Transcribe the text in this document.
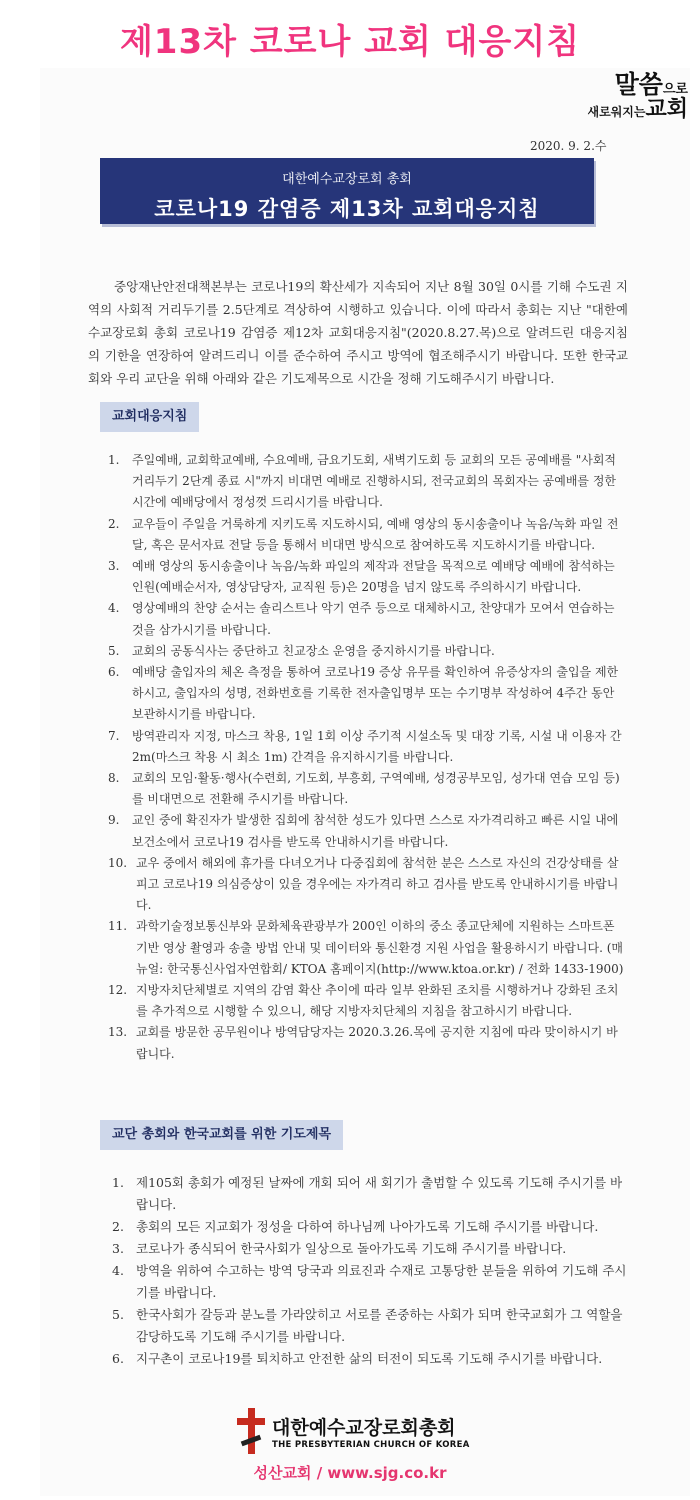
제13차 코로나 교회 대응지침
말씀으로
새로워지는교회
2020. 9. 2.수
대한예수교장로회 총회
코로나19 감염증 제13차 교회대응지침

중앙재난안전대책본부는 코로나19의 확산세가 지속되어 지난 8월 30일 0시를 기해 수도권 지역의 사회적 거리두기를 2.5단계로 격상하여 시행하고 있습니다. 이에 따라서 총회는 지난 "대한예수교장로회 총회 코로나19 감염증 제12차 교회대응지침"(2020.8.27.목)으로 알려드린 대응지침의 기한을 연장하여 알려드리니 이를 준수하여 주시고 방역에 협조해주시기 바랍니다. 또한 한국교회와 우리 교단을 위해 아래와 같은 기도제목으로 시간을 정해 기도해주시기 바랍니다.

교회대응지침
1. 주일예배, 교회학교예배, 수요예배, 금요기도회, 새벽기도회 등 교회의 모든 공예배를 "사회적 거리두기 2단계 종료 시"까지 비대면 예배로 진행하시되, 전국교회의 목회자는 공예배를 정한 시간에 예배당에서 정성껏 드리시기를 바랍니다.
2. 교우들이 주일을 거룩하게 지키도록 지도하시되, 예배 영상의 동시송출이나 녹음/녹화 파일 전달, 혹은 문서자료 전달 등을 통해서 비대면 방식으로 참여하도록 지도하시기를 바랍니다.
3. 예배 영상의 동시송출이나 녹음/녹화 파일의 제작과 전달을 목적으로 예배당 예배에 참석하는 인원(예배순서자, 영상담당자, 교직원 등)은 20명을 넘지 않도록 주의하시기 바랍니다.
4. 영상예배의 찬양 순서는 솔리스트나 악기 연주 등으로 대체하시고, 찬양대가 모여서 연습하는 것을 삼가시기를 바랍니다.
5. 교회의 공동식사는 중단하고 친교장소 운영을 중지하시기를 바랍니다.
6. 예배당 출입자의 체온 측정을 통하여 코로나19 증상 유무를 확인하여 유증상자의 출입을 제한하시고, 출입자의 성명, 전화번호를 기록한 전자출입명부 또는 수기명부 작성하여 4주간 동안 보관하시기를 바랍니다.
7. 방역관리자 지정, 마스크 착용, 1일 1회 이상 주기적 시설소독 및 대장 기록, 시설 내 이용자 간 2m(마스크 착용 시 최소 1m) 간격을 유지하시기를 바랍니다.
8. 교회의 모임·활동·행사(수련회, 기도회, 부흥회, 구역예배, 성경공부모임, 성가대 연습 모임 등)를 비대면으로 전환해 주시기를 바랍니다.
9. 교인 중에 확진자가 발생한 집회에 참석한 성도가 있다면 스스로 자가격리하고 빠른 시일 내에 보건소에서 코로나19 검사를 받도록 안내하시기를 바랍니다.
10. 교우 중에서 해외에 휴가를 다녀오거나 다중집회에 참석한 분은 스스로 자신의 건강상태를 살피고 코로나19 의심증상이 있을 경우에는 자가격리 하고 검사를 받도록 안내하시기를 바랍니다.
11. 과학기술정보통신부와 문화체육관광부가 200인 이하의 중소 종교단체에 지원하는 스마트폰 기반 영상 촬영과 송출 방법 안내 및 데이터와 통신환경 지원 사업을 활용하시기 바랍니다. (매뉴얼: 한국통신사업자연합회/ KTOA 홈페이지(http://www.ktoa.or.kr) / 전화 1433-1900)
12. 지방자치단체별로 지역의 감염 확산 추이에 따라 일부 완화된 조치를 시행하거나 강화된 조치를 추가적으로 시행할 수 있으니, 해당 지방자치단체의 지침을 참고하시기 바랍니다.
13. 교회를 방문한 공무원이나 방역담당자는 2020.3.26.목에 공지한 지침에 따라 맞이하시기 바랍니다.
교단 총회와 한국교회를 위한 기도제목
1. 제105회 총회가 예정된 날짜에 개회 되어 새 회기가 출범할 수 있도록 기도해 주시기를 바랍니다.
2. 총회의 모든 지교회가 정성을 다하여 하나님께 나아가도록 기도해 주시기를 바랍니다.
3. 코로나가 종식되어 한국사회가 일상으로 돌아가도록 기도해 주시기를 바랍니다.
4. 방역을 위하여 수고하는 방역 당국과 의료진과 수재로 고통당한 분들을 위하여 기도해 주시기를 바랍니다.
5. 한국사회가 갈등과 분노를 가라앉히고 서로를 존중하는 사회가 되며 한국교회가 그 역할을 감당하도록 기도해 주시기를 바랍니다.
6. 지구촌이 코로나19를 퇴치하고 안전한 삶의 터전이 되도록 기도해 주시기를 바랍니다.
대한예수교장로회총회
THE PRESBYTERIAN CHURCH OF KOREA
성산교회 / www.sjg.co.kr
